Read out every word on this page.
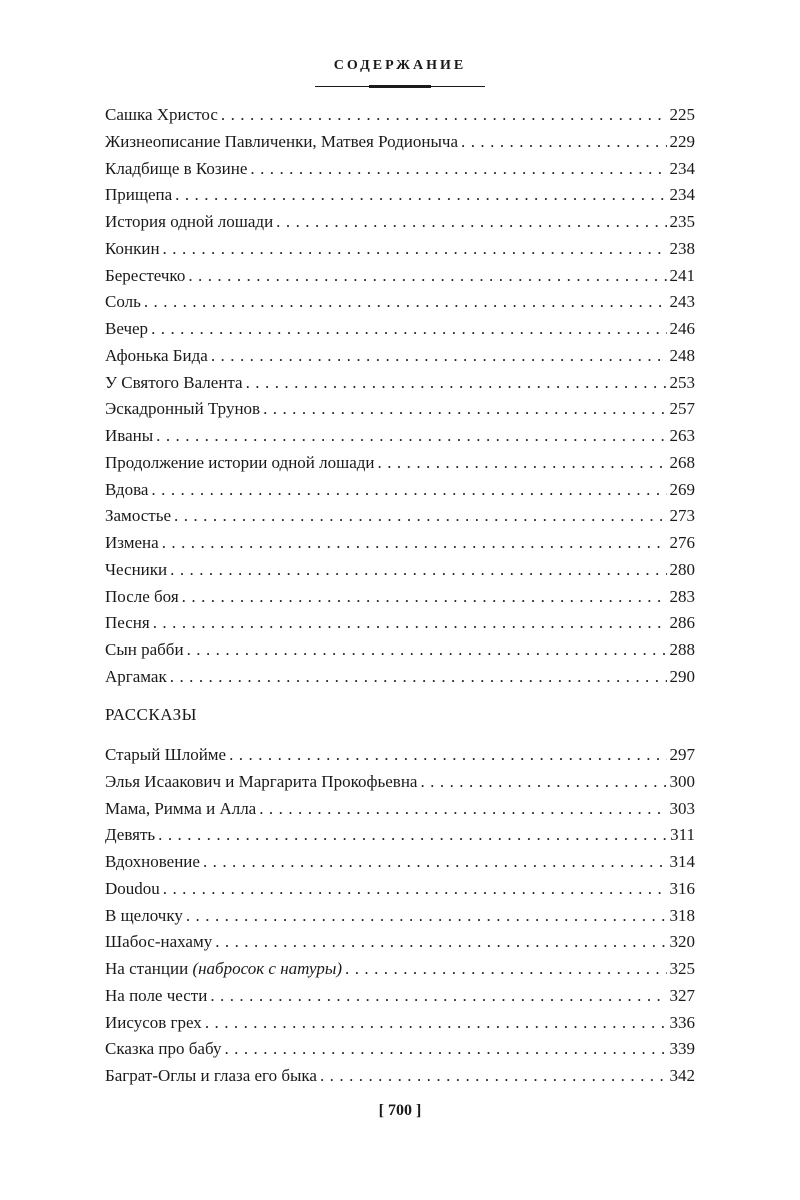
СОДЕРЖАНИЕ
Сашка Христос . . .	225
Жизнеописание Павличенки, Матвея Родионыча . . .	229
Кладбище в Козине . . .	234
Прищепа . . .	234
История одной лошади . . .	235
Конкин . . .	238
Берестечко . . .	241
Соль . . .	243
Вечер . . .	246
Афонька Бида . . .	248
У Святого Валента . . .	253
Эскадронный Трунов . . .	257
Иваны . . .	263
Продолжение истории одной лошади . . .	268
Вдова . . .	269
Замостье . . .	273
Измена . . .	276
Чесники . . .	280
После боя . . .	283
Песня . . .	286
Сын рабби . . .	288
Аргамак . . .	290
РАССКАЗЫ
Старый Шлойме . . .	297
Элья Исаакович и Маргарита Прокофьевна . . .	300
Мама, Римма и Алла . . .	303
Девять . . .	311
Вдохновение . . .	314
Doudou . . .	316
В щелочку . . .	318
Шабос-нахаму . . .	320
На станции (набросок с натуры) . . .	325
На поле чести . . .	327
Иисусов грех . . .	336
Сказка про бабу . . .	339
Баграт-Оглы и глаза его быка . . .	342
[ 700 ]
